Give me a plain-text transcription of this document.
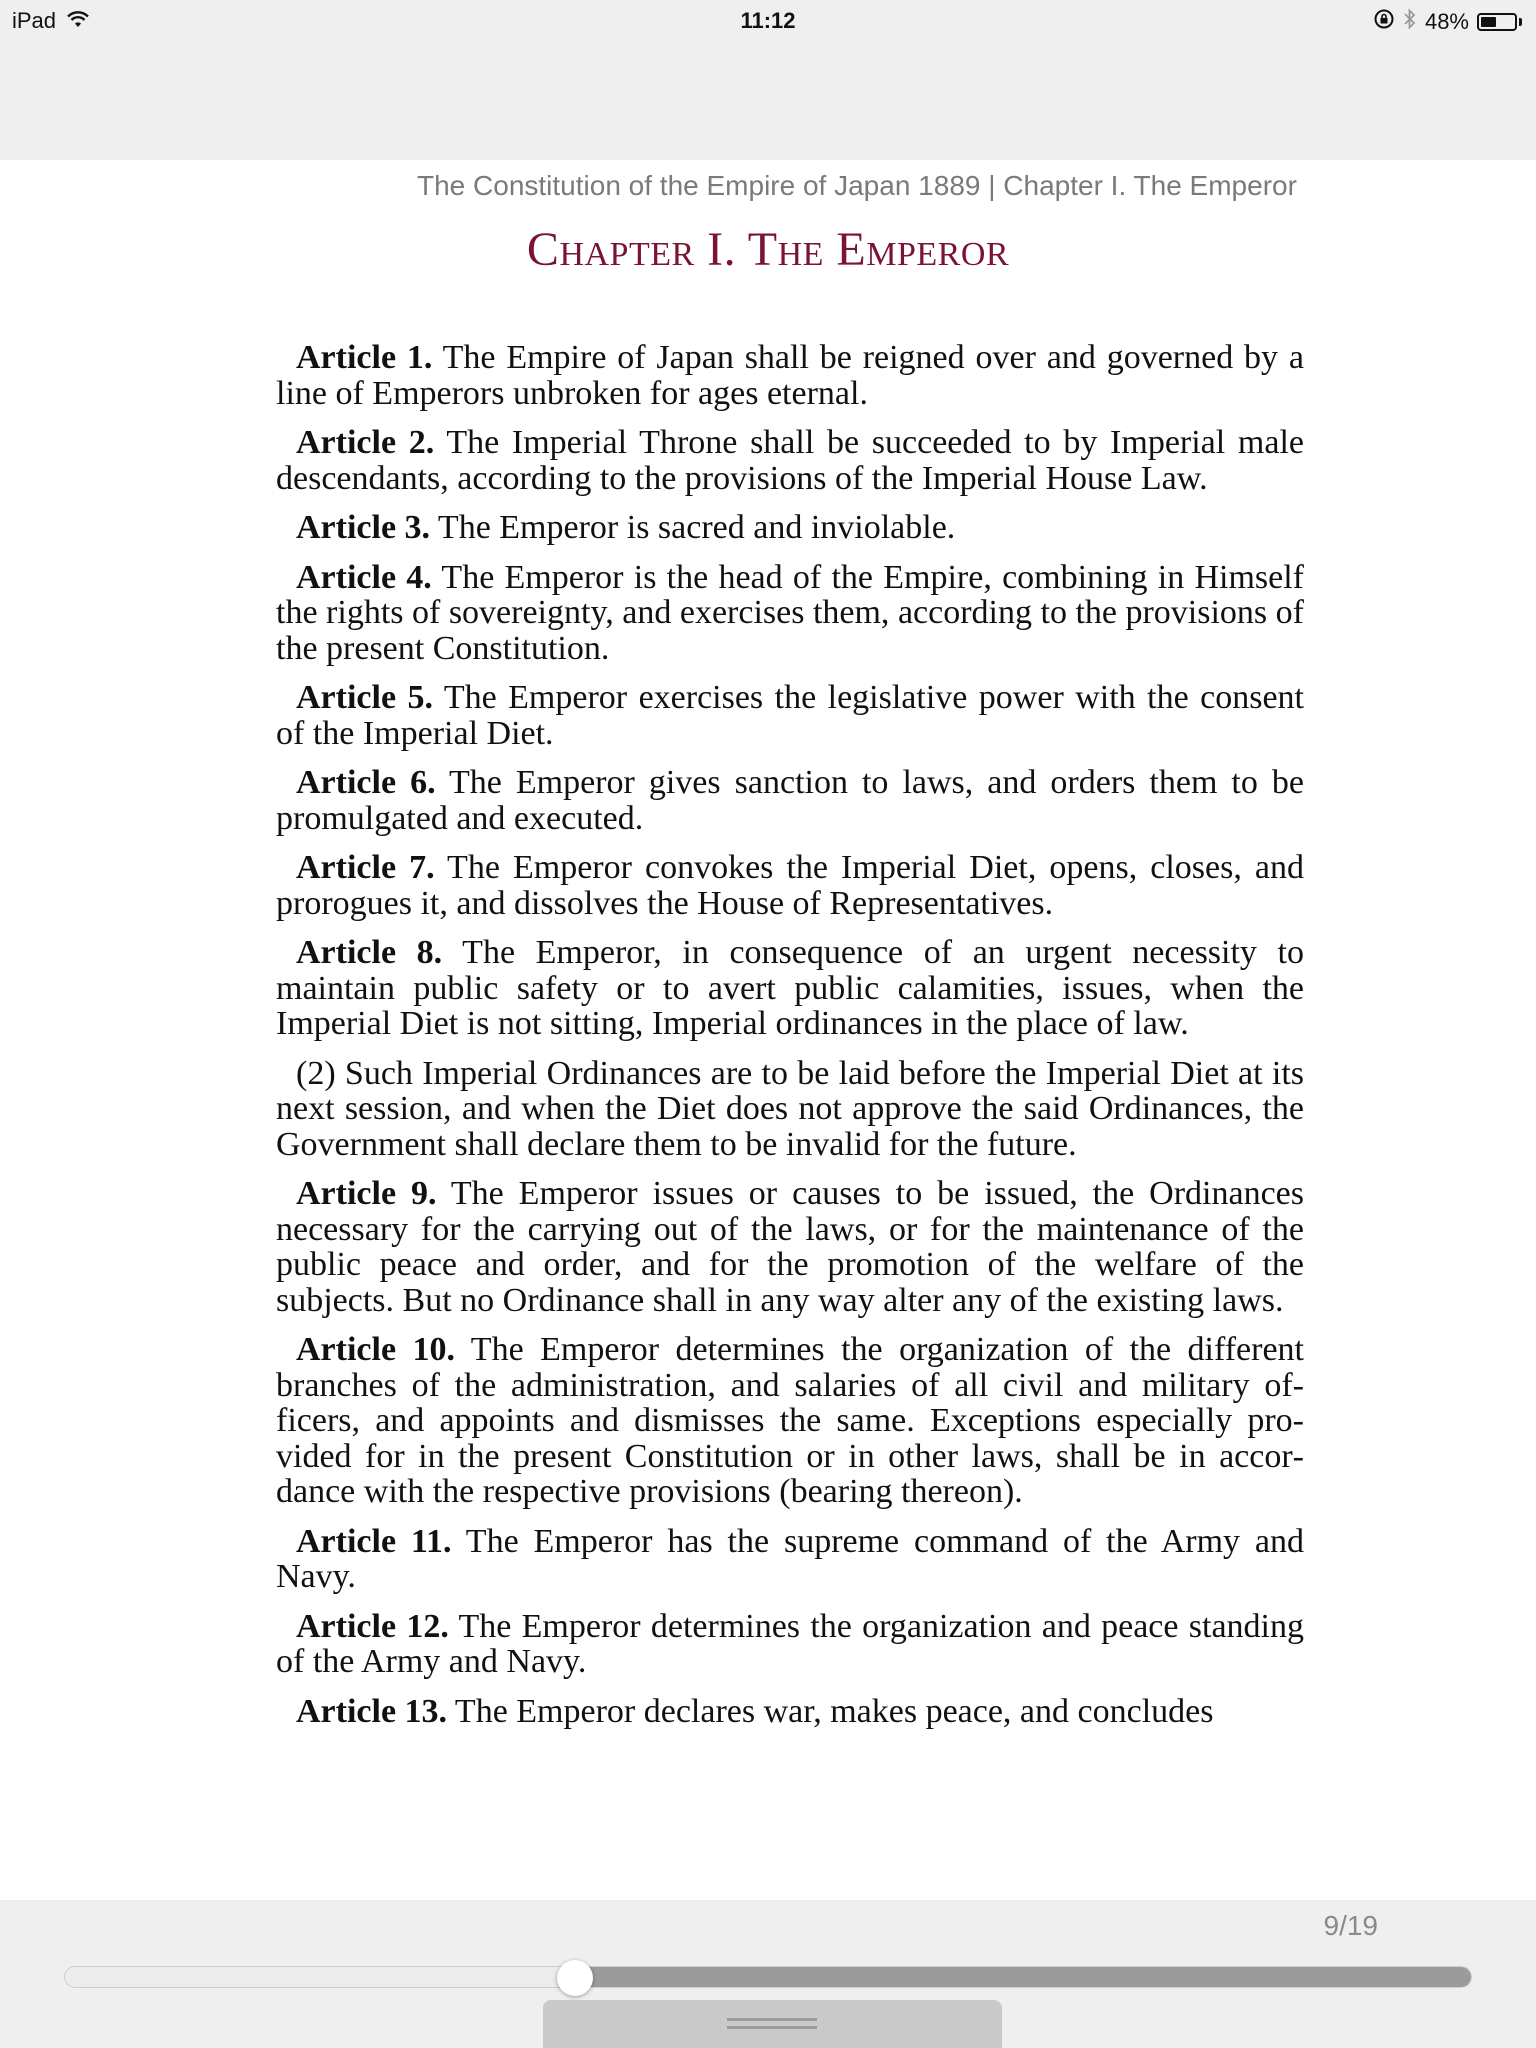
iPad	11:12	48%
The Constitution of the Empire of Japan 1889 | Chapter I. The Emperor
Chapter I. The Emperor

Article 1. The Empire of Japan shall be reigned over and governed by a line of Emperors unbroken for ages eternal.

Article 2. The Imperial Throne shall be succeeded to by Imperial male descendants, according to the provisions of the Imperial House Law.

Article 3. The Emperor is sacred and inviolable.

Article 4. The Emperor is the head of the Empire, combining in Himself the rights of sovereignty, and exercises them, according to the provisions of the present Constitution.

Article 5. The Emperor exercises the legislative power with the consent of the Imperial Diet.

Article 6. The Emperor gives sanction to laws, and orders them to be promulgated and executed.

Article 7. The Emperor convokes the Imperial Diet, opens, closes, and prorogues it, and dissolves the House of Representatives.

Article 8. The Emperor, in consequence of an urgent necessity to maintain public safety or to avert public calamities, issues, when the Imperial Diet is not sitting, Imperial ordinances in the place of law.

(2) Such Imperial Ordinances are to be laid before the Imperial Diet at its next session, and when the Diet does not approve the said Ordinances, the Government shall declare them to be invalid for the future.

Article 9. The Emperor issues or causes to be issued, the Ordinances necessary for the carrying out of the laws, or for the maintenance of the public peace and order, and for the promotion of the welfare of the subjects. But no Ordinance shall in any way alter any of the existing laws.

Article 10. The Emperor determines the organization of the different branches of the administration, and salaries of all civil and military officers, and appoints and dismisses the same. Exceptions especially provided for in the present Constitution or in other laws, shall be in accordance with the respective provisions (bearing thereon).

Article 11. The Emperor has the supreme command of the Army and Navy.

Article 12. The Emperor determines the organization and peace standing of the Army and Navy.

Article 13. The Emperor declares war, makes peace, and concludes

9/19
